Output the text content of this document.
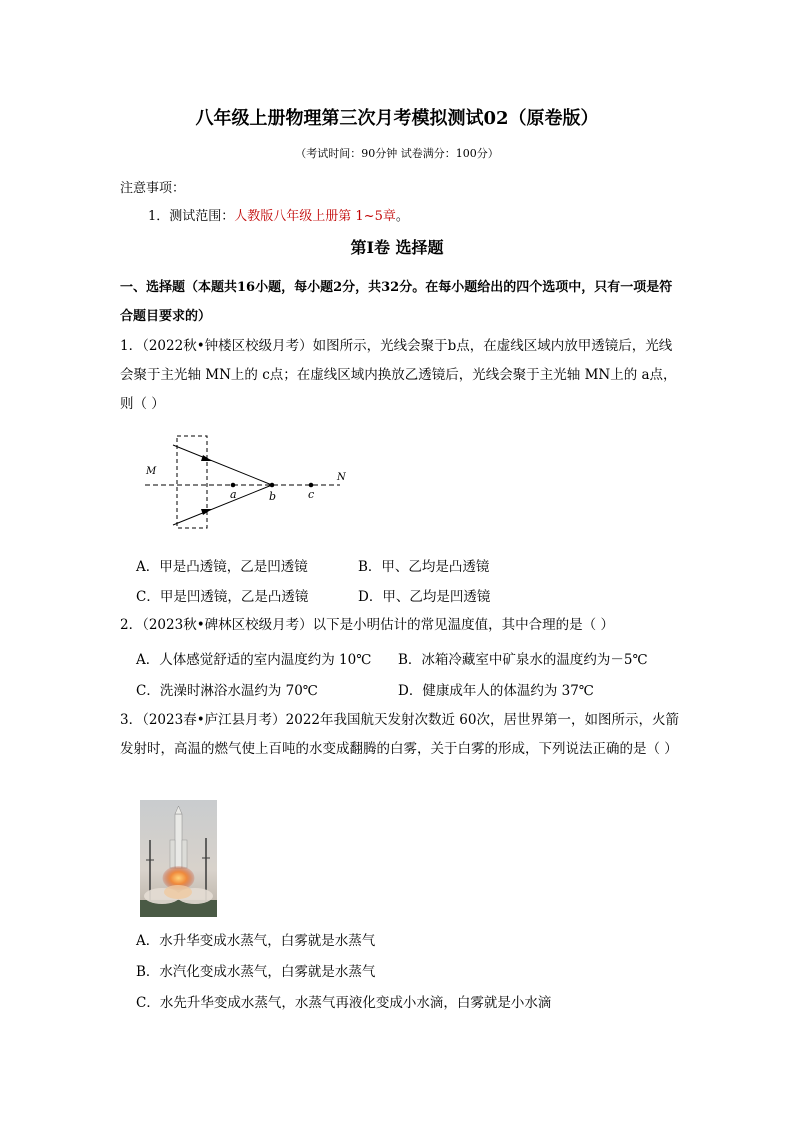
八年级上册物理第三次月考模拟测试02（原卷版）
（考试时间：90分钟 试卷满分：100分）
注意事项：
1．测试范围：人教版八年级上册第 1~5章。
第Ⅰ卷 选择题
一、选择题（本题共16小题，每小题2分，共32分。在每小题给出的四个选项中，只有一项是符合题目要求的）
1．（2022秋•钟楼区校级月考）如图所示，光线会聚于b点，在虚线区域内放甲透镜后，光线会聚于主光轴 MN上的 c点；在虚线区域内换放乙透镜后，光线会聚于主光轴 MN上的 a点，则（ ）
M
N
a	b	c
A．甲是凸透镜，乙是凹透镜	B．甲、乙均是凸透镜
C．甲是凹透镜，乙是凸透镜	D．甲、乙均是凹透镜
2．（2023秋•碑林区校级月考）以下是小明估计的常见温度值，其中合理的是（ ）
A．人体感觉舒适的室内温度约为 10℃ B．冰箱冷藏室中矿泉水的温度约为－5℃
C．洗澡时淋浴水温约为 70℃	D．健康成年人的体温约为 37℃
3．（2023春•庐江县月考）2022年我国航天发射次数近 60次，居世界第一，如图所示，火箭发射时，高温的燃气使上百吨的水变成翻腾的白雾，关于白雾的形成，下列说法正确的是（ ）
A．水升华变成水蒸气，白雾就是水蒸气
B．水汽化变成水蒸气，白雾就是水蒸气
C．水先升华变成水蒸气，水蒸气再液化变成小水滴，白雾就是小水滴
